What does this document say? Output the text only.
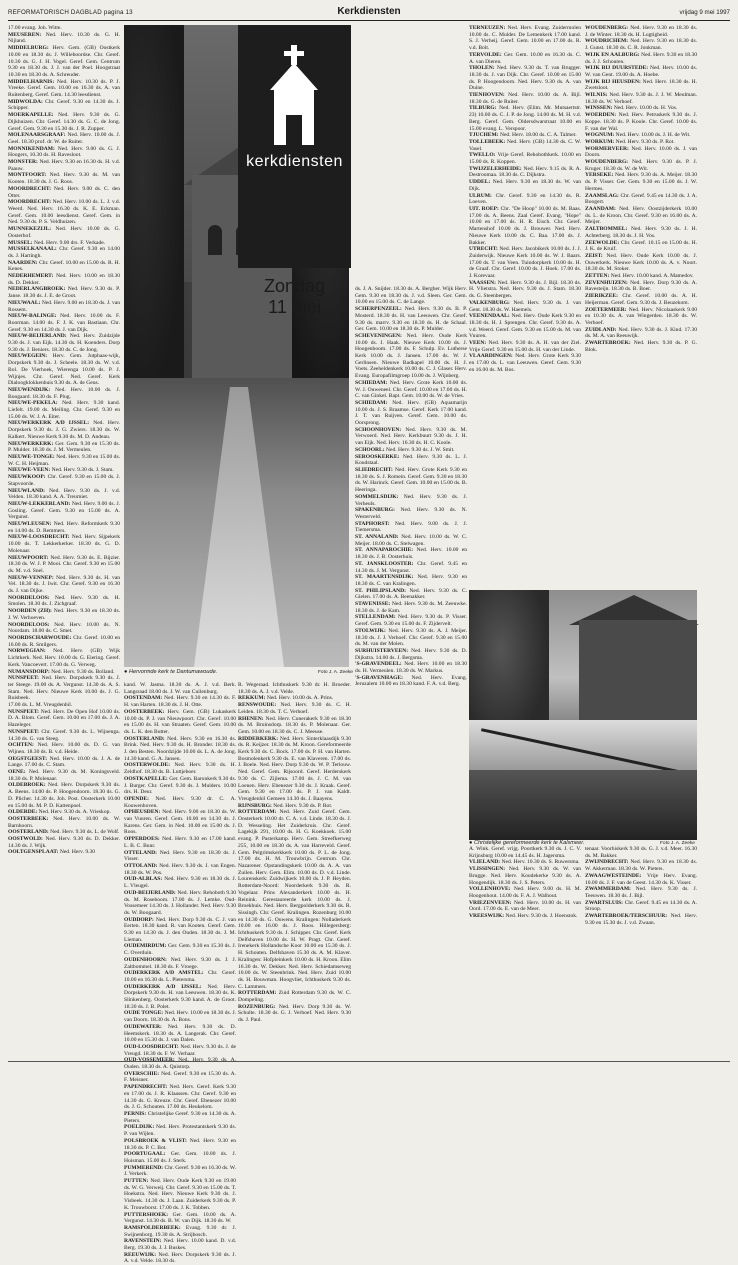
REFORMATORISCH DAGBLAD pagina 13	Kerkdiensten	vrijdag 9 mei 1997

17.00 evang. Joh. Witte.

MEUSEREN: Ned. Herv. 10.30 ds. G. H. Nijland.

MIDDELBURG: Herv. Gem. (GB) Oostkerk 10.00 en 18.30 ds. J. Willeboordse. Chr. Geref. 10.30 ds. G. J. H. Vogel. Geref. Gem. Centrum 9.30 en 18.30 ds. J. J. van der Poel. Hoogstraat 10.30 en 18.30 ds. A. Schreuder.

MIDDELHARNIS: Ned. Herv. 10.30 ds. P. J. Vreeke. Geref. Gem. 10.00 en 16.30 ds. A. van Ruitenberg. Geref. Gem. 14.30 leesdienst.

MIDWOLDA: Chr. Geref. 9.30 en 14.30 ds. J. Schipper.

MOERKAPELLE: Ned. Herv. 9.30 ds. G. Dijkhuizen. Chr. Geref. 14.30 ds. G. C. de Jong. Geref. Gem. 9.30 en 15.30 ds. J. R. Zupper.

MOLENAARSGRAAF: Ned. Herv. 10.00 ds. J. Geel. 18.30 prof. dr. W. de Ruiter.

MONNIKENDAM: Ned. Herv. 9.00 ds. G. J. Hoogers, 10.30 ds. H. Ravesloot.

MONSTER: Ned. Herv. 9.30 en 16.30 ds. H. v.d. Paauw.

MONTFOORT: Ned. Herv. 9.30 ds. M. van Kooten. 18.30 ds. J. G. Roos.

MOORDRECHT: Ned. Herv. 9.00 ds. C. den Otter.

MOORDRECHT: Ned. Herv. 10.00 ds. L. J. v.d. Weerd. Ned. Herv. 16.30 ds. K. E. Eckman. Geref. Gem. 10.00 leesdienst. Geref. Gem. in Ned. 9.30 ds. P. S. Veldhuizen.

MUNNEKEZIJL: Ned. Herv. 10.00 ds. G. Oosterhof.

MUSSEL: Ned. Herv. 9.00 drs. F. Verkade.

MUSSELKANAAL: Chr. Geref. 9.30 en 14.00 ds. J. Hartingh.

NAARDEN: Chr. Geref. 10.00 en 15.00 ds. R. H. Kenes.

NEDERHEMERT: Ned. Herv. 10.00 en 18.30 ds. D. Dekker.

NEDERLANGBROEK: Ned. Herv. 9.30 ds. P. Janse. 18.30 ds. J. E. de Groot.

NIEUWAAL: Ned. Herv. 9.00 en 18.30 ds. J. van Rossem.

NIEUW-BALINGE: Ned. Herv. 10.00 ds. F. Roorman. 14.00 ds. F. J. K. van Bastiaan. Chr. Geref. 9.30 en 14.30 ds. J. van Dijk.

NIEUW-BEIJERLAND: Ned. Herv. Zuidzijde 9.30 ds. J. van Eijk. 14.30 ds. H. Koenders. Dorp 9.30 ds. J. Beniers. 18.30 ds. C. de Jong.

NIEUWEGEIN: Herv. Gem. Jutphaas-wijk, Dorpskerk 9.30 ds. J. Scheele. 18.30 ds. W. v.d. Bol. De Vierhoek, Wierenga 10.00 ds. P. J. Wijnjes. Chr. Geref. Ned. Geref. Kerk Dialoogklokkenhuis 9.30 ds. A. de Geus.

NIEUWENDIJK: Ned. Herv. 10.00 ds. J. Boogaard. 18.30 ds. F. Plug.

NIEUWE-PEKELA: Ned. Herv. 9.30 kand. Liefelt. 19.00 ds. Meiling. Chr. Geref. 9.30 en 15.00 ds. W. J. A. Eiter.

NIEUWERKERK A/D IJSSEL: Ned. Herv. Dorpskerk 9.30 ds. J. G. Zwiers. 18.30 ds. W. Kalkert. Nieuwe Kerk 9.30 ds. M. D. Andeau.

NIEUWERKERK: Ger. Gem. 9.30 en 15.30 ds. P. Mulder. 18.30 ds. J. M. Vermeulen.

NIEUWE-TONGE: Ned. Herv. 9.30 en 15.00 ds. W. C. H. Heijman.

NIEUWE-VEEN: Ned. Herv. 9.30 ds. J. Stam.

NIEUWKOOP: Chr. Geref. 9.30 en 15.00 ds. J. Stapvoorde.

NIEUWLAND: Ned. Herv. 9.30 ds. J. v.d. Velden. 18.30 kand. A. A. Treurniet.

NIEUW-LEKKERLAND: Ned. Herv. 9.00 ds. J. Gosling. Geref. Gem. 9.30 en 15.00 ds. A. Vergunst.

NIEUWLEUSEN: Ned. Herv. Reformkerk 9.30 en 14.00 ds. D. Remmers.

NIEUW-LOOSDRECHT: Ned. Herv. Sijpekerk 10.00 ds. T. Lekkerkerker. 18.30 ds. G. D. Molenaar.

NIEUWPOORT: Ned. Herv. 9.30 ds. E. Bijzier. 18.30 ds. W. J. P. Mooi. Chr. Geref. 9.30 en 15.00 ds. M. v.d. Snel.

NIEUW-VENNEP: Ned. Herv. 9.30 ds. H. van Vel. 18.30 ds. J. Iwit. Chr. Geref. 9.30 en 16.30 ds. J. van Dijke.

NOORDELOOS: Ned. Herv. 9.30 ds. H. Smolen. 18.30 ds. J. Zichgraaf.

NOORDEN (ZH): Ned. Herv. 9.30 en 18.30 ds. J. W. Verhoeven.

NOORDELOOS: Ned. Herv. 10.00 ds. N. Noordam. 18.00 ds. C. Smet.

NOORDSCHARWOUDE: Chr. Geref. 10.00 en 16.00 ds. R. Smilgers.

NORWEGIAN: Ned. Herv. (GB) Wijk Lichtkerk. Ned. Herv. 10.00 ds. G. Eiering. Geref. Kerk. Vancoevert. 17.00 ds. G. Verweg.

NUMANSDORP: Ned. Herv. 9.30 ds. Bolland.

NUNSPEET: Ned. Herv. Dorpskerk 9.30 ds. J. ter Steege. 19.00 ds. A. Vergunst. 14.30 ds. A. S. Stam. Ned. Herv. Nieuwe Kerk 10.00 ds. J. G. Ruisbeek.

17.00 ds. L. M. Vreugdenhil.

NUNSPEET: Ned. Herv. De Open Hof 10.00 ds. D. A. Blom. Geref. Gem. 10.00 en 17.00 ds. J. A. Hazeleger.

NUNSPEET: Chr. Geref. 9.30 ds. L. Wijnenga. 14.30 ds. G. van Steeg.

OCHTEN: Ned. Herv. 10.00 ds. D. G. van Wijnen. 18.30 ds. B. v.d. Heide.

OEGSTGEEST: Ned. Herv. 10.00 ds. J. A. de Lange. 17.00 ds. C. Stam.

OENE: Ned. Herv. 9.30 ds. M. Koningsveld. 18.30 ds. P. Molenaar.

OLDEBROEK: Ned. Herv. Dorpskerk 9.30 ds. A. Beens. 14.00 ds. P. Hoogendoorn. 18.30 ds. G. D. Plicher. 14.30 ds. Joh. Post. Oosterkerk 10.00 en 15.00 ds. M. P. D. Kattenpoel.

OLDERDE: Ned. Herv. 9.30 ds. A. Vrieskop.

OOSTERBEEK: Ned. Herv. 10.00 ds. W. Barnhoorn.

OOSTERLAND: Ned. Herv. 9.30 ds. L. de Wolf.

OOSTWOLD: Ned. Herv. 9.30 ds. D. Dekker. 14.30 ds. J. Wijk.

OOLTGENSPLAAT: Ned. Herv. 9.30

● Hervormde kerk te Dantumawoude.	Foto J. A. Zeeke
kerkdiensten
Zondag
11 mei

kand. W. Jasma. 18.30 ds. A. J. v.d. Berk. Langsraad 18.00 ds. J. W. van Cuilenburg.

OOSTENDAM: Ned. Herv. 9.30 en 14.30 ds. F. H. van Harten. 18.30 ds. J. H. Otte.

OOSTERBEEK: Herv. Gem. (GB) Lukaskerk 10.00 ds. P. J. van Nieuwpoort. Chr. Geref. 10.00 en 15.00 ds. H. van Straaten. Geref. Gem. 10.00 ds. L. K. den Butter.

OOSTERLAND: Ned. Herv. 9.30 en 16.30 ds. Brink. Ned. Herv. 9.30 ds. H. Bronder. 18.30 ds. J. den Besten. Noordzijde 10.00 ds. L. A. de Jong. 14.30 kand. G. A. Jansen.

OOSTERWOLDE: Ned. Herv. 9.30 ds. H. Zeldhof. 18.30 ds. B. Luttjeboer.

OOSTKAPELLE: Ger. Gem. Baronkerk 9.30 ds. J. Burger. Chr. Geref. 9.30 ds. J. Mulders. 10.00 drs. H. Deur.

OPENDE: Ned. Herv. 9.30 dr. C. A. Kouwenhoven.

OPHEUSDEN: Ned. Herv. 9.00 en 18.30 ds. W. van Vuuren. Geref. Gem. 10.00 en 14.30 ds. J. Karens. Ger. Gem. in Ned. 10.00 en 15.00 ds. J. Roos.

OPPERDOES: Ned. Herv. 9.30 en 17.00 kand. L. B. C. Buur.

OTTELAND: Ned. Herv. 9.30 en 18.30 ds. J. Visser.

OTTOLAND: Ned. Herv. 9.30 ds. J. van Engen. 18.30 ds. W. Pos.

OUD-ALBLAS: Ned. Herv. 9.30 en 18.30 ds. J. L. Vleugel.

OUD-BEIJERLAND: Ned. Herv. Rehoboth 9.30 ds. M. Roseboom. 17.00 ds. J. Lemke. Oud-Vossemeer 14.30 ds. J. Hollander. Ned. Herv. 9.30 ds. W. Boogaard.

OUDDORP: Ned. Herv. Dorp 9.30 ds. C. J. van Eerten. 18.30 kand. R. van Kooten. Geref. Gem. 9.30 en 14.30 ds. J. den Ouden. 18.30 ds. J. M. Lieman.

OUDEMIRDUM: Ger. Gem. 9.30 en 15.30 ds. J. C. Overduin.

OUDENHOORN: Ned. Herv. 9.30 ds. J. J. Zaltbommel. 18.30 ds. F. Vroege.

OUDERKERK A/D AMSTEL: Chr. Geref. 10.00 en 16.30 ds. L. Pietersma.

OUDERKERK A/D IJSSEL: Ned. Herv. Dorpskerk 9.30 ds. H. van Leeuwen. 18.30 ds. K. Slinkenberg. Oosterkerk 9.30 kand. A. de Groot. 18.30 ds. J. B. Polet.

OUDE TONGE: Ned. Herv. 10.00 en 18.30 ds. J. van Doorn. 18.30 ds. A. Bons.

OUDEWATER: Ned. Herv. 9.30 ds. D. Heemskerk. 18.30 ds. A. Langerak. Chr. Geref. 10.00 en 15.30 ds. J. van Dalen.

OUD-LOOSDRECHT: Ned. Herv. 9.30 ds. J. de Vreugd. 18.30 ds. F. W. Verhaar.

Ouden. 18.30 ds. A. Quistorp.

OVERSCHIE: Ned. Geref. 9.30 en 15.30 ds. A. F. Meisner.

PAPENDRECHT: Ned. Herv. Geref. Kerk 9.30 en 17.00 ds. J. R. Klaassen. Chr. Geref. 9.30 en 14.30 ds. G. Kreuze. Chr. Geref. Ebenezer 10.00 ds. J. G. Schouten. 17.00 ds. Heukelom.

PERNIS: Christelijke Geref. 9.30 en 14.30 ds. A. Pieters.

POELDIJK: Ned. Herv. Protestantskerk 9.30 ds. P. van Wijlen.

POLSBROEK & VLIST: Ned. Herv. 9.30 en 18.30 ds. P. C. Bot.

POORTUGAAL: Ger. Gem. 10.00 ds. J. Huisman. 15.00 ds. J. Sterk.

PUMMEREND: Chr. Geref. 9.30 en 16.30 ds. W. J. Verkerk.

PUTTEN: Ned. Herv. Oude Kerk 9.30 en 19.00 ds. W. G. Verweij. Chr. Geref. 9.30 en 15.00 ds. T. Hoekstra. Ned. Herv. Nieuwe Kerk 9.30 ds. J. Visbeek. 14.30 ds. J. Laan. Zuiderkerk 9.30 ds. P. K. Trouwborst. 17.00 ds. J. K. Tobben.

PUTTERSHOEK: Ger. Gem. 10.00 ds. A. Vergunst. 14.30 ds. B. W. van Dijk. 18.30 ds. W.

RAMSPOLDERBEEK: Evang. 9.30 dr. J. Swijnenborg. 19.30 ds. A. Strijbosch.

RAVENSTEIN: Ned. Herv. 10.00 kand. D. v.d. Berg. 19.30 ds. J. J. Buskes.

REEUWIJK: Ned. Herv. Dorpskerk 9.30 ds. J. A. v.d. Velde. 18.30 ds.

R. Wegeraad. Ichthuskerk 9.30 dr. H. Broeder. 18.30 ds. A. J. v.d. Velde.

REKKUM: Ned. Herv. 10.00 ds. A. Prins.

RENSWOUDE: Ned. Herv. 9.30 ds. C. H. Leiden. 18.30 ds. T. C. Verhoef.

RHENEN: Ned. Herv. Cunerakerk 9.30 en 18.30 ds. M. Bruinsdorp. 18.30 ds. P. Molenaar. Ger. Gem. 10.00 en 18.30 ds. C. J. Meeuse.

RIDDERKERK: Ned. Herv. Sinterklaasdijk 9.30 ds. R. Keijzer. 18.30 ds. M. Kroon. Gereformeerde Kerk 9.30 ds. C. Bock. 17.00 ds. P. H. van Harten. Bosmolenkerk 9.30 ds. E. van Klaveren. 17.00 ds. J. Boele. Ned. Herv. Dorp 9.30 ds. W. P. Terlouw. Ned. Geref. Gem. Rijsoord. Geref. Herderskerk 9.30 ds. C. Zijlema. 17.00 ds. J. C. M. van Loenen. Herv. Ebenezer 9.30 ds. J. Kraak. Geref. Gem. 9.30 en 17.00 ds. P. J. van Kaldt. Vreugdenhil Gemeen 14.30 ds. J. Baayens.

RIJNSBURG: Ned. Herv. 9.30 ds. P. Rot.

ROTTERDAM: Ned. Herv. Zuid Geref. Gem. Oosterkerk 10.00 dr. C. A. v.d. Linde. 18.30 ds. J. D. Wesseling. Het Zuiderkruis. Chr. Geref. Lagekijk 291, 10.00 ds. H. G. Koekkoek. 15.00 evang. P. Pasterkamp. Herv. Gem. Streefkerweg 255, 10.00 en 18.30 ds. A. van Harreveld. Geref. Gem. Pelgrimskerkkerk 10.00 ds. P. L. de Jong. 17.00 ds. H. M. Trouwbrijn. Centrum. Chr. Nazarener. Opstandingskerk 10.00 ds. A. A. van Zuilen. Herv. Gem. Elim. 10.00 ds. D. v.d. Linde. Lourenskerk: Zuidwijkerk 10.00 ds. J. P. Heyden. Rotterdam-Noord: Noorderkerk 9.30 ds. R. Vogelaar. Prins Alexanderkerk 10.00 ds. H. Reinink. Gerestaureerde kerk 10.00 ds. J. Broekhuis. Ned. Herv. Bergpolderkerk 9.30 ds. R. Sissingh. Chr. Geref. Kralingen. Rozenburg 10.00 en 14.30 ds. G. Ouwens. Kralingen: Nolladerkerk 10.00 en 16.00 ds. J. Roos. Hillegersberg: Ichthuskerk 9.30 ds. J. Schipper. Chr. Geref. Kerk Delfshaven 10.00 ds. H. W. Pragt. Chr. Geref. Irenekerk Hollandsche Koor 10.00 en 15.30 ds. J. H. Schouten. Delfshaven 15.30 ds. A. M. Klaver. Kralingen: Hofpleinkerk 10.00 ds. H. Kroon. Elim 16.30 ds. W. Dekker. Ned. Herv. Schiedamseweg 10.00 ds. W. Steenbrink. Ned. Herv. Zuid 10.00 ds. H. Bouwman. Hoogvliet, Ichthuskerk 9.30 ds. C. Lammers.

ROTTERDAM: Zuid Rotterdam 9.30 ds. W. C. Dompeling.

ROZENBURG: Ned. Herv. Dorp 9.30 ds. W. Schulte. 18.30 ds. G. J. Verhoef. Ned. Herv. 9.30 ds. J. Paul.

ds. J. A. Snijder. 18.30 ds. A. Bergher. Wijk Herv. Gem. 9.30 en 18.30 ds. J. v.d. Sleen. Ger. Gem. 10.00 en 15.00 ds. C. de Lange.

SCHERPENZEEL: Ned. Herv. 9.30 ds. B. P. Mosterd. 18.30 ds. H. van Leeuwen. Chr. Geref. 9.30 ds. marrv. 9.30 en 18.30 ds. H. de Schaal. Ger. Gem. 10.00 en 18.30 ds. P. Mulder.

SCHEVENINGEN: Ned. Herv. Oude Kerk 10.00 ds. J. Haak. Nieuwe Kerk 10.00 ds. J. Hoogenboom. 17.00 ds. F. Schulp. Ev. Lutherse Kerk 10.00 ds. J. Jansen. 17.00 ds. W. J. Gerlinsen. Nieuwe Badkapel 10.00 ds. H. J. Voets. Zeeheldenkerk 10.00 ds. C. J. Glaser. Herv. Evang. Europafilmgroep 10.00 ds. J. Wijnberg.

SCHIEDAM: Ned. Herv. Grote Kerk 10.00 ds. W. J. Ouweneel. Chr. Geref. 10.00 en 17.00 ds. H. C. van Ginkel. Bapt. Gem. 10.00 ds. W. de Vries.

SCHIEDAM: Ned. Herv. (GB) Aquamarijn 10.00 ds. J. S. Braamse. Geref. Kerk 17.00 kand. J. T. van Ruijven. Geref. Gem. 10.00 ds. Oorsprong.

SCHOONHOVEN: Ned. Herv. 9.30 ds. M. Verwoerd. Ned. Herv. Kerkbuurt 9.30 ds. J. H. van Eijk. Ned. Herv. 16.30 ds. H. C. Koole.

SCHOORL: Ned. Herv. 9.30 ds. J. W. Smit.

SEROOSKERKE: Ned. Herv. 9.30 ds. L. J. Koudstaal.

SLIEDRECHT: Ned. Herv. Grote Kerk 9.30 en 18.30 ds. S. J. Romein. Geref. Gem. 9.30 en 18.30 ds. W. Harinck. Geref. Gem. 10.00 en 15.00 ds. B. Heeringa.

SOMMELSDIJK: Ned. Herv. 9.30 ds. J. Verheuls.

SPAKENBURG: Ned. Herv. 9.30 ds. N. Westerveld.

STAPHORST: Ned. Herv. 9.00 ds. J. J. Tiemersma.

ST. ANNALAND: Ned. Herv. 10.00 ds. W. C. Meijer. 18.00 ds. C. Stelwagen.

ST. ANNAPAROCHIE: Ned. Herv. 10.00 en 18.30 ds. J. B. Oosterhuis.

ST. JANSKLOOSTER: Chr. Geref. 9.45 en 14.30 ds. J. M. Vergunst.

ST. MAARTENSDIJK: Ned. Herv. 9.30 en 18.30 ds. C. van Kralingen.

ST. PHILIPSLAND: Ned. Herv. 9.30 ds. C. Gielen. 17.00 ds. A. Beenakker.

STAVENISSE: Ned. Herv. 9.30 ds. M. Zeeuwke. 18.30 ds. J. de Kam.

STELLENDAM: Ned. Herv. 9.30 ds. P. Visser. Geref. Gem. 9.30 en 15.00 ds. F. Zijdervelt.

STOLWIJK: Ned. Herv. 9.30 ds. A. J. Meijer. 18.30 ds. J. J. Verhoef. Chr. Geref. 9.30 en 15.00 ds. M. van der Molen.

SURHUISTERVEEN: Ned. Herv. 9.30 ds. D. Dijkstra. 14.00 ds. J. Bergsma.

'S-GRAVENDEEL: Ned. Herv. 10.00 en 18.30 ds. H. Vermeulen. 18.30 ds. W. Markus.

'S-GRAVENHAGE: Ned. Herv. Evang. Jeruzalem 10.00 en 18.30 kand. F. A. v.d. Berg.

TERNEUZEN: Ned. Herv. Evang. Zuidermolen 10.00 ds. C. Mulder. De Lemenkerk 17.00 kand. S. J. Verheij. Geref. Gem. 10.00 en 17.00 ds. R. v.d. Bolt.

TERVOLDE: Ger. Gem. 10.00 en 16.30 ds. C. A. van Dieren.

THOLEN: Ned. Herv. 9.30 ds. T. van Brugger. 18.30 ds. J. van Dijk. Chr. Geref. 10.00 en 15.00 ds. P. Hoogendoorn. Ned. Herv. 9.30 ds. A. van Duine.

TIENHOVEN: Ned. Herv. 10.00 ds. A. Bijl. 18.30 ds. G. de Ruiter.

TILBURG: Ned. Herv. (Elim. Mr. Mutsaertstr. 23) 10.00 ds. C. J. P. de Jong. 14.00 ds. M. H. v.d. Berg. Geref. Gem. Oldersdwarstraat 10.00 en 15.00 evang. L. Verspoor.

TJUCHEM: Ned. Herv. 18.00 ds. C. A. Talmer.

TOLLEBEEK: Ned. Herv. (GB) 14.30 ds. C. W. Vasel.

TWELLO: Vrije Geref. Rehobothkerk. 10.00 en 15.00 ds. R. Koppen.

TWIJZELERHEIDE: Ned. Herv. 9.15 ds. R. A. Destroomaa. 18.30 ds. C. Dijkstra.

UDDEL: Ned. Herv. 9.30 en 18.30 ds. W. van Dijk.

ULRUM: Chr. Geref. 9.30 en 14.30 ds. R. Loeven.

UIT. ROEP: Chr. "De Hoop" 10.00 ds. M. Baas. 17.00 ds. A. Beens. Zaal Geref. Evang. "Hope" 10.00 en 17.00 ds. H. R. Eisch. Chr. Geref. Martenshof 10.00 ds. J. Brouwer. Ned. Herv. Nieuwe Kerk 10.00 ds. C. Baa. 17.00 ds. J. Bakker.

UTRECHT: Ned. Herv. Jacobikerk 10.00 ds. J. J. Zuiderwijk. Nieuwe Kerk 10.00 ds. W. J. Baars. 17.00 ds. T. van Veen. Tuindorpkerk 10.00 ds. H. de Graaf. Chr. Geref. 10.00 ds. J. Hoek. 17.00 ds. J. Korevaar.

VAASSEN: Ned. Herv. 9.30 ds. J. Bijl. 18.30 ds. H. Vlietstra. Ned. Herv. 9.30 ds. J. Stam. 18.30 ds. G. Steenbergen.

VALKENBURG: Ned. Herv. 9.30 ds. J. van Gent. 18.30 ds. W. Haemels.

VEENENDAAL: Ned. Herv. Oude Kerk 9.30 en 18.30 ds. H. J. Sprengen. Chr. Geref. 9.30 ds. A. v.d. Weerd. Geref. Gem. 9.30 en 15.00 ds. M. van Vuuren.

VEEN: Ned. Herv. 9.30 ds. A. H. van der Ziel. Vrije Geref. 9.30 en 15.00 ds. H. van der Linde.

VLAARDINGEN: Ned. Herv. Grote Kerk 9.30 en 17.00 ds. L. van Leeuwen. Geref. Gem. 9.30 en 16.00 ds. M. Bos.

WOUDENBERG: Ned. Herv. 9.30 en 18.30 ds. J. de Winter. 18.30 ds. H. Lugtigheid.

WOUDRICHEM: Ned. Herv. 9.30 en 18.30 ds. J. Gunst. 18.30 ds. C. R. Jonkman.

WIJK EN AALBURG: Ned. Herv. 9.30 en 18.30 ds. J. J. Schouten.

WIJK BIJ DUURSTEDE: Ned. Herv. 10.00 ds. W. van Gent. 19.00 ds. A. Hoebe.

WIJK BIJ HEUSDEN: Ned. Herv. 18.30 ds. H. Zwetsloot.

WILNIS: Ned. Herv. 9.30 ds. J. J. W. Meulman. 18.30 ds. W. Verhoef.

WINSSEN: Ned. Herv. 10.00 ds. H. Vos.

WOERDEN: Ned. Herv. Petruskerk 9.30 ds. J. Koppe. 18.30 ds. P. Koole. Chr. Geref. 10.00 ds. F. van der Wal.

WOGNUM: Ned. Herv. 10.00 ds. J. H. de Wit.

WORKUM: Ned. Herv. 9.30 ds. P. Rot.

WORMERVEER: Ned. Herv. 10.00 ds. J. van Doorn.

WOUDENBERG: Ned. Herv. 9.30 ds. P. J. Kruger. 18.30 ds. W. de Wit.

YERSEKE: Ned. Herv. 9.30 ds. A. Meijer. 18.30 ds. P. Visser. Ger. Gem. 9.30 en 15.00 ds. J. W. Hermes.

ZAAMSLAG: Chr. Geref. 9.45 en 14.30 ds. J. A. Boogert.

ZAANDAM: Ned. Herv. Oostzijderkerk 10.00 ds. L. de Kroon. Chr. Geref. 9.30 en 16.00 ds. A. Meijer.

ZALTBOMMEL: Ned. Herv. 9.30 ds. J. H. Achterberg. 18.30 ds. J. H. Vos.

ZEEWOLDE: Chr. Geref. 10.15 en 15.00 ds. H. J. K. de Kruif.

ZEIST: Ned. Herv. Oude Kerk 10.00 ds. J. Ouwerkerk. Nieuwe Kerk 10.00 ds. A. v. Noort. 18.30 ds. M. Stoker.

ZETTEN: Ned. Herv. 10.00 kand. A. Mamedov.

ZEVENHUIZEN: Ned. Herv. Dorp 9.30 ds. A. Ravesteijn. 18.30 ds. B. Boer.

ZIERIKZEE: Chr. Geref. 10.00 ds. A. H. Heijerman. Geref. Gem. 9.30 ds. J. Beuzekom.

ZOETERMEER: Ned. Herv. Nicolaaskerk 9.00 en 10.30 ds. A. van Wingerden. 18.30 ds. W. Verhoef.

ZUIDLAND: Ned. Herv. 9.30 ds. J. Kind. 17.30 ds. M. A. van Reeuwijk.

ZWARTEBROEK: Ned. Herv. 9.30 ds. P. G. Blok.

● Christelijke gereformeerde kerk te Kalsmeer.	Foto J. A. Zeeke

A. Wink. Geref. vrijg. Poortkerk 9.30 ds. J. C. V. Krijnsburg 10.00 en 14.45 ds. H. Jagersma.

VLIELAND: Ned. Herv. 10.30 ds. S. Ruwersma.

VLISSINGEN: Ned. Herv. 9.30 ds. W. van Brugge. Ned. Herv. Koudekerke 9.30 ds. A. Hoogendijk. 18.30 ds. J. S. Peters.

VOLLENHOVE: Ned. Herv. 9.00 ds. H. M. Hoogenhout. 14.00 ds. F. A. J. Walhout.

VRIEZENVEEN: Ned. Herv. 10.00 ds. H. van Oord. 17.00 ds. E. van de Meer.

VREESWIJK: Ned. Herv. 9.30 ds. J. Hoenstok.

tenaar. Voorhiskerk 9.30 ds. G. J. v.d. Meer. 16.30 ds. M. Bakker.

ZWIJNDRECHT: Ned. Herv. 9.30 en 18.30 ds. W. Akkerman. 18.30 ds. W. Pieters.

ZWAAGWESTEINDE: Vrije Herv. Evang. 10.00 ds. J. F. van de Geest. 14.30 ds. K. Visser.

ZWAMMERDAM: Ned. Herv. 9.30 ds. J. Teeuwen. 18.30 ds. J. Bijl.

ZWARTSLUIS: Chr. Geref. 9.45 en 14.30 ds. A. Stroop.

ZWARTEBROEK/TERSCHUUR: Ned. Herv. 9.30 en 15.30 ds. J. v.d. Zwaan.
